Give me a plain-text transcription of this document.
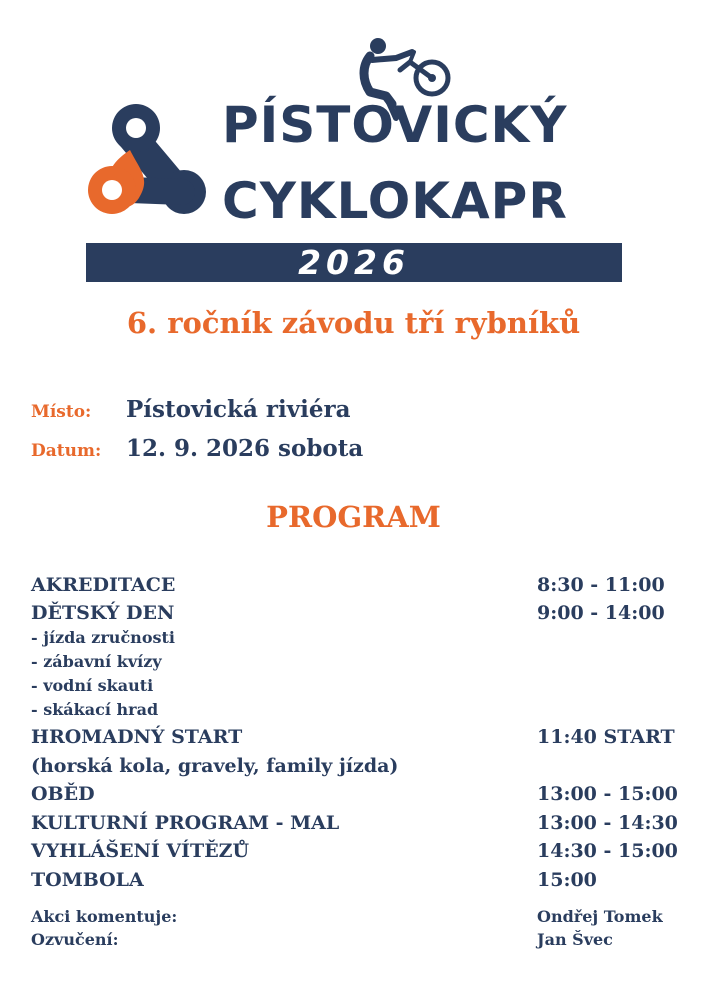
PÍSTOVICKÝ
CYKLOKAPR
2026
6. ročník závodu tří rybníků
Místo: Pístovická riviéra
Datum: 12. 9. 2026 sobota
PROGRAM
AKREDITACE	8:30 - 11:00
DĚTSKÝ DEN	9:00 - 14:00
- jízda zručnosti
- zábavní kvízy
- vodní skauti
- skákací hrad
HROMADNÝ START	11:40 START
(horská kola, gravely, family jízda)
OBĚD	13:00 - 15:00
KULTURNÍ PROGRAM - MAL	13:00 - 14:30
VYHLÁŠENÍ VÍTĚZŮ	14:30 - 15:00
TOMBOLA	15:00
Akci komentuje:	Ondřej Tomek
Ozvučení:	Jan Švec
